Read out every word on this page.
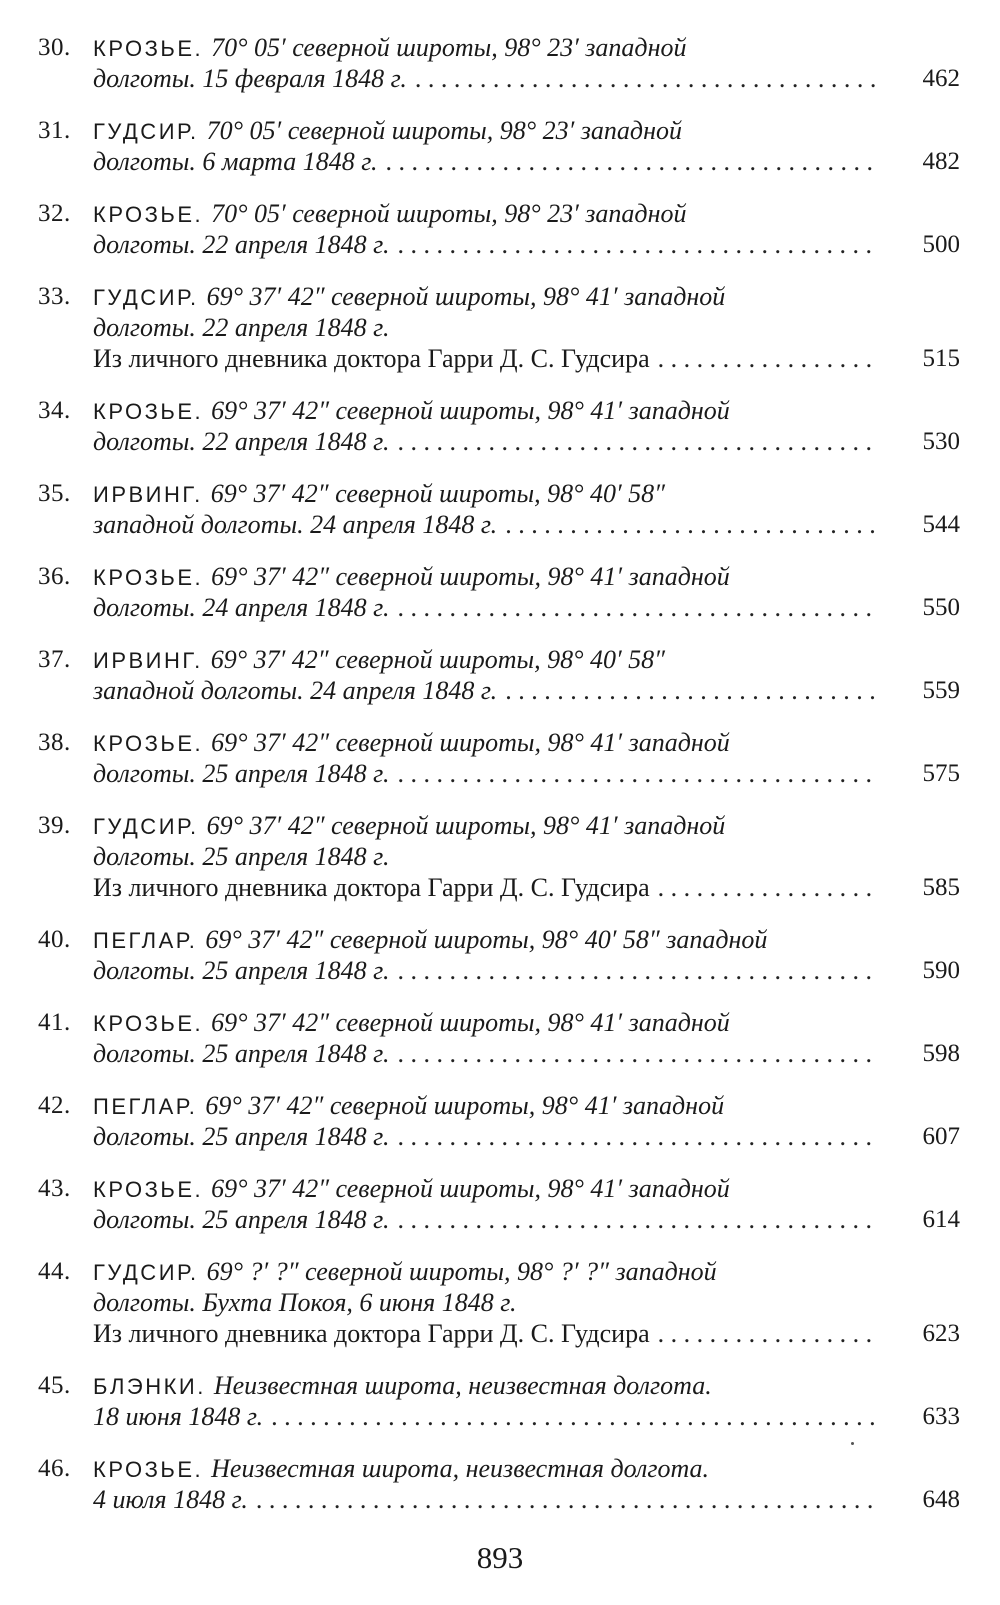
30.	КРОЗЬЕ. 70° 05′ северной широты, 98° 23′ западной
долготы. 15 февраля 1848 г. . . .	462
31.	ГУДСИР. 70° 05′ северной широты, 98° 23′ западной
долготы. 6 марта 1848 г. . . .	482
32.	КРОЗЬЕ. 70° 05′ северной широты, 98° 23′ западной
долготы. 22 апреля 1848 г. . . .	500
33.	ГУДСИР. 69° 37′ 42″ северной широты, 98° 41′ западной
долготы. 22 апреля 1848 г.
Из личного дневника доктора Гарри Д. С. Гудсира . . .	515
34.	КРОЗЬЕ. 69° 37′ 42″ северной широты, 98° 41′ западной
долготы. 22 апреля 1848 г. . . .	530
35.	ИРВИНГ. 69° 37′ 42″ северной широты, 98° 40′ 58″
западной долготы. 24 апреля 1848 г. . . .	544
36.	КРОЗЬЕ. 69° 37′ 42″ северной широты, 98° 41′ западной
долготы. 24 апреля 1848 г. . . .	550
37.	ИРВИНГ. 69° 37′ 42″ северной широты, 98° 40′ 58″
западной долготы. 24 апреля 1848 г. . . .	559
38.	КРОЗЬЕ. 69° 37′ 42″ северной широты, 98° 41′ западной
долготы. 25 апреля 1848 г. . . .	575
39.	ГУДСИР. 69° 37′ 42″ северной широты, 98° 41′ западной
долготы. 25 апреля 1848 г.
Из личного дневника доктора Гарри Д. С. Гудсира . . .	585
40.	ПЕГЛАР. 69° 37′ 42″ северной широты, 98° 40′ 58″ западной
долготы. 25 апреля 1848 г. . . .	590
41.	КРОЗЬЕ. 69° 37′ 42″ северной широты, 98° 41′ западной
долготы. 25 апреля 1848 г. . . .	598
42.	ПЕГЛАР. 69° 37′ 42″ северной широты, 98° 41′ западной
долготы. 25 апреля 1848 г. . . .	607
43.	КРОЗЬЕ. 69° 37′ 42″ северной широты, 98° 41′ западной
долготы. 25 апреля 1848 г. . . .	614
44.	ГУДСИР. 69° ?′ ?″ северной широты, 98° ?′ ?″ западной
долготы. Бухта Покоя, 6 июня 1848 г.
Из личного дневника доктора Гарри Д. С. Гудсира . . .	623
45.	БЛЭНКИ. Неизвестная широта, неизвестная долгота.
18 июня 1848 г. . . .	633
46.	КРОЗЬЕ. Неизвестная широта, неизвестная долгота.
4 июля 1848 г. . . .	648
893
